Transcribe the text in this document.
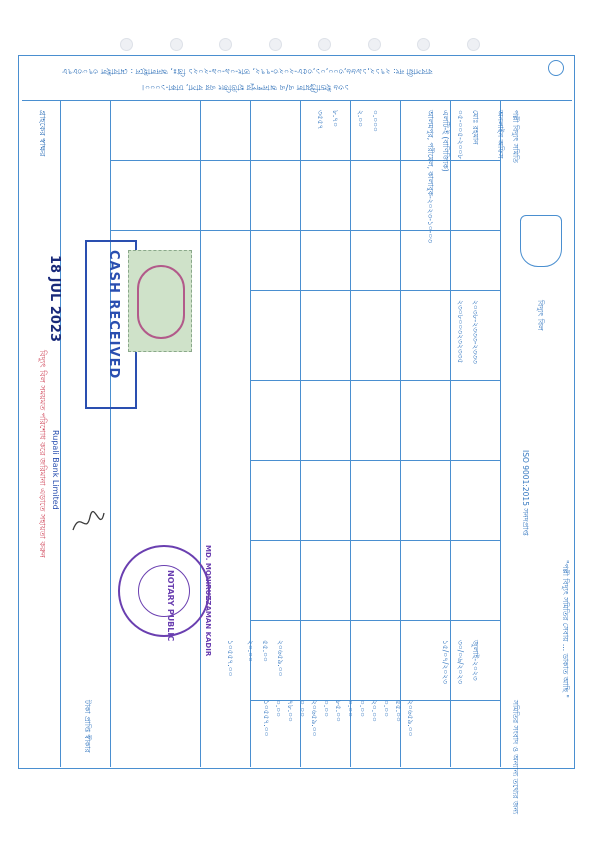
ব্যবসায়ী নং: ২৭১২,১৯৬৬,৩০০,০১,৩৫৮-২০২৩-৭৭২, তাং-০৯-০৯-২০২১ খ্রিঃ, অনলাইনে : মোবাইল ৩৭০৩৮৭৮
১৩৬ ইন্ডাস্ট্রিয়াল এ/এ আনন্দপুর হাউজিং এর বাসা, ঢাকা-১০০০।
গ্রাহকের স্বাক্ষর
বিদ্যুৎ বিল সময়মত পরিশোধ করে জরিমানা এড়াতে সহায়তা করুন
পল্লী বিদ্যুৎ সমিতি
অনলাইন অফিস
বিদ্যুৎ বিল
ISO 9001:2015 সনদপ্রাপ্ত
"পল্লী বিদ্যুৎ সমিতির সেবায় ... ডাকাত আছি "
মোঃ রহমান
০৫-০০৫-২০০৮
এলটি-ই (বাণিজ্যিক)
আলমপুর, পরীমেল, কালাবুক-২০২৩-১০-০৩
২০৩৮-২৩৩৩-২৩৩৩
২৩০৮০০৩২৩২৩৩৫
জুলাই-২০২৩
৩০/০৬/২০২৩
১৫/০৭/২০২৩
০.০০০
২.০০
৮.৭০
৩৫৫৭
২০৬৫৯.০০
৫৫.০০
০.০০
২০.০০
০.০০
০.০০
৮৫.০০
০.০০
২০৬৫৯.০০
০.০০
৭৮.০০
০.০০
১০৫৫৭.০০
২০৬৫৯.০০
৫৫.০০
২০.০০
১০৫৫৭.০০
CASH RECEIVED
18 JUL 2023
Rupali Bank Limited
NOTARY PUBLIC	MD. MONIRUZZAMAN KADIR
টাকা প্রাপ্তি স্বীকার	সমিতির সংবাদ ও অন্যান্য তথ্যের জন্য
